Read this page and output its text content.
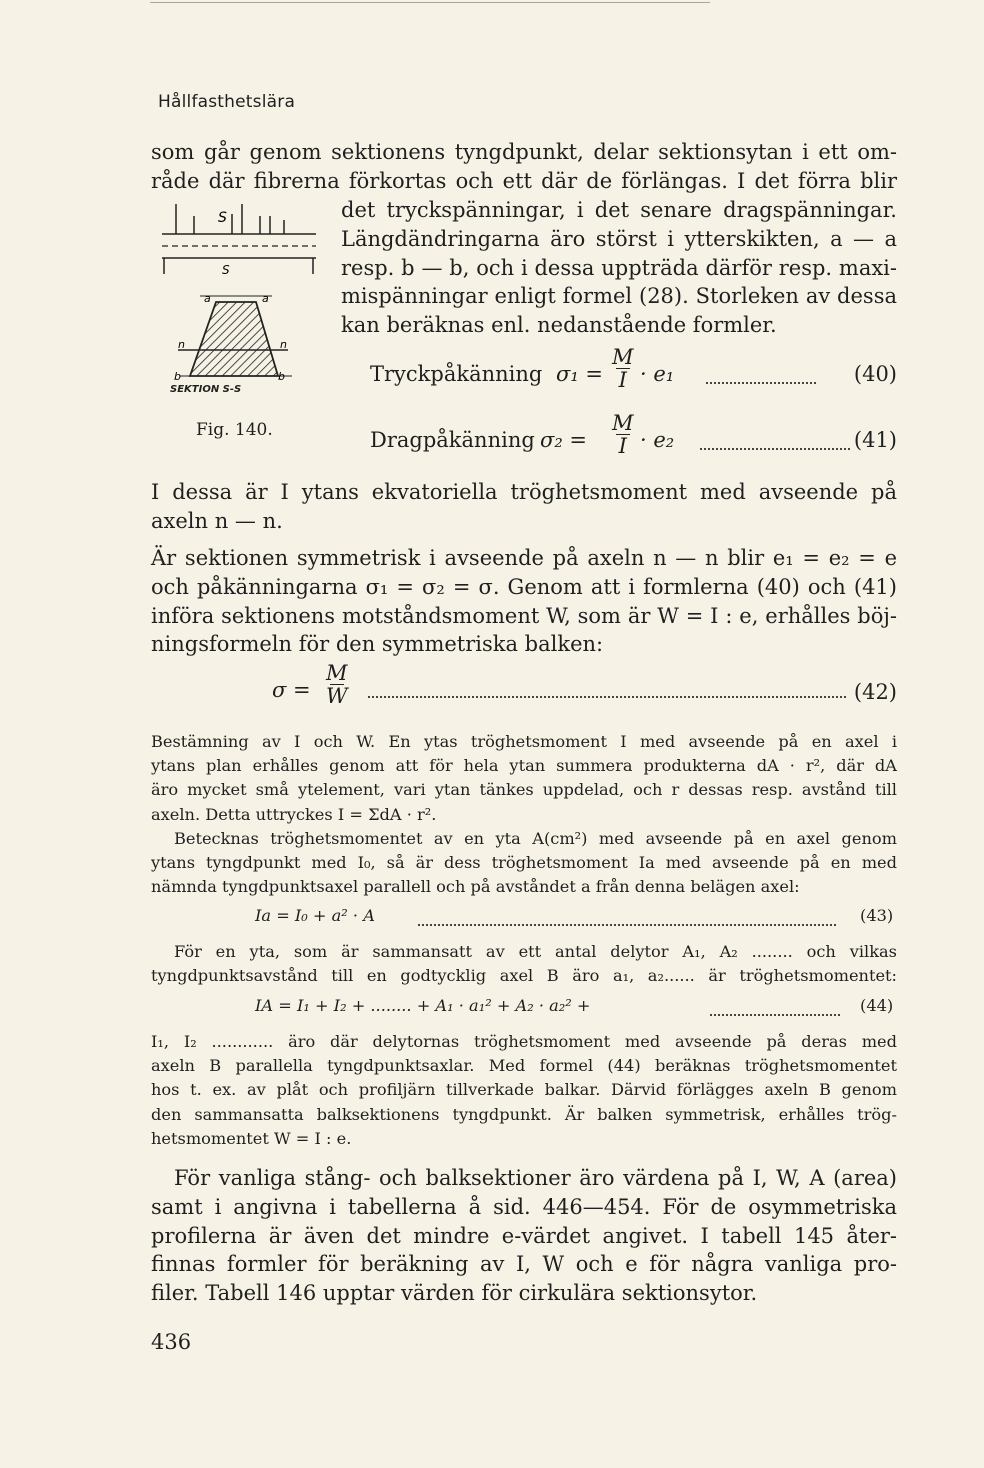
Hållfasthetslära
som går genom sektionens tyngdpunkt, delar sektionsytan i ett om-
råde där fibrerna förkortas och ett där de förlängas. I det förra blir
det tryckspänningar, i det senare dragspänningar.
Längdändringarna äro störst i ytterskikten, a — a
resp. b — b, och i dessa uppträda därför resp. maxi-
mispänningar enligt formel (28). Storleken av dessa
kan beräknas enl. nedanstående formler.
S
S
a	a
n	n
b	b
SEKTION S-S
Fig. 140.
Tryckpåkänning σ₁ =
M
I · e₁	(40)
Dragpåkänning σ₂ =
M
I · e₂	(41)
I dessa är I ytans ekvatoriella tröghetsmoment med avseende på
axeln n — n.
Är sektionen symmetrisk i avseende på axeln n — n blir e₁ = e₂ = e
och påkänningarna σ₁ = σ₂ = σ. Genom att i formlerna (40) och (41)
införa sektionens motståndsmoment W, som är W = I : e, erhålles böj-
ningsformeln för den symmetriska balken:
σ =
M
W	(42)
Bestämning av I och W. En ytas tröghetsmoment I med avseende på en axel i
ytans plan erhålles genom att för hela ytan summera produkterna dA · r², där dA
äro mycket små ytelement, vari ytan tänkes uppdelad, och r dessas resp. avstånd till
axeln. Detta uttryckes I = ΣdA · r².
Betecknas tröghetsmomentet av en yta A(cm²) med avseende på en axel genom
ytans tyngdpunkt med I₀, så är dess tröghetsmoment Ia med avseende på en med
nämnda tyngdpunktsaxel parallell och på avståndet a från denna belägen axel:
Ia = I₀ + a² · A	(43)
För en yta, som är sammansatt av ett antal delytor A₁, A₂ ........ och vilkas
tyngdpunktsavstånd till en godtycklig axel B äro a₁, a₂...... är tröghetsmomentet:
IA = I₁ + I₂ + ........ + A₁ · a₁² + A₂ · a₂² +	(44)
I₁, I₂ ............ äro där delytornas tröghetsmoment med avseende på deras med
axeln B parallella tyngdpunktsaxlar. Med formel (44) beräknas tröghetsmomentet
hos t. ex. av plåt och profiljärn tillverkade balkar. Därvid förlägges axeln B genom
den sammansatta balksektionens tyngdpunkt. Är balken symmetrisk, erhålles trög-
hetsmomentet W = I : e.
För vanliga stång- och balksektioner äro värdena på I, W, A (area)
samt i angivna i tabellerna å sid. 446—454. För de osymmetriska
profilerna är även det mindre e-värdet angivet. I tabell 145 åter-
finnas formler för beräkning av I, W och e för några vanliga pro-
filer. Tabell 146 upptar värden för cirkulära sektionsytor.
436
